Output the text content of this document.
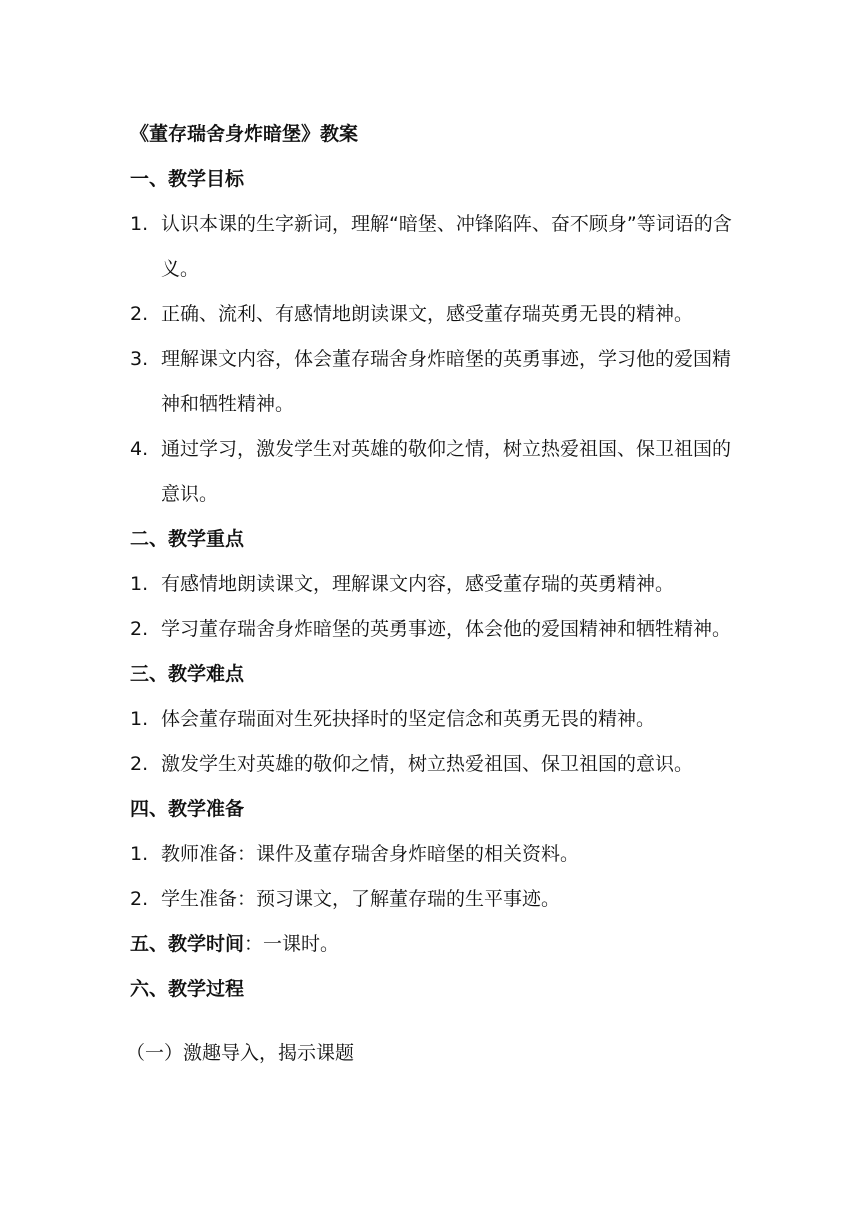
《董存瑞舍身炸暗堡》教案

一、教学目标

1. 认识本课的生字新词，理解“暗堡、冲锋陷阵、奋不顾身”等词语的含义。
2. 正确、流利、有感情地朗读课文，感受董存瑞英勇无畏的精神。
3. 理解课文内容，体会董存瑞舍身炸暗堡的英勇事迹，学习他的爱国精神和牺牲精神。
4. 通过学习，激发学生对英雄的敬仰之情，树立热爱祖国、保卫祖国的意识。

二、教学重点

1. 有感情地朗读课文，理解课文内容，感受董存瑞的英勇精神。
2. 学习董存瑞舍身炸暗堡的英勇事迹，体会他的爱国精神和牺牲精神。

三、教学难点

1. 体会董存瑞面对生死抉择时的坚定信念和英勇无畏的精神。
2. 激发学生对英雄的敬仰之情，树立热爱祖国、保卫祖国的意识。

四、教学准备

1. 教师准备：课件及董存瑞舍身炸暗堡的相关资料。
2. 学生准备：预习课文，了解董存瑞的生平事迹。

五、教学时间：一课时。

六、教学过程

（一）激趣导入，揭示课题
